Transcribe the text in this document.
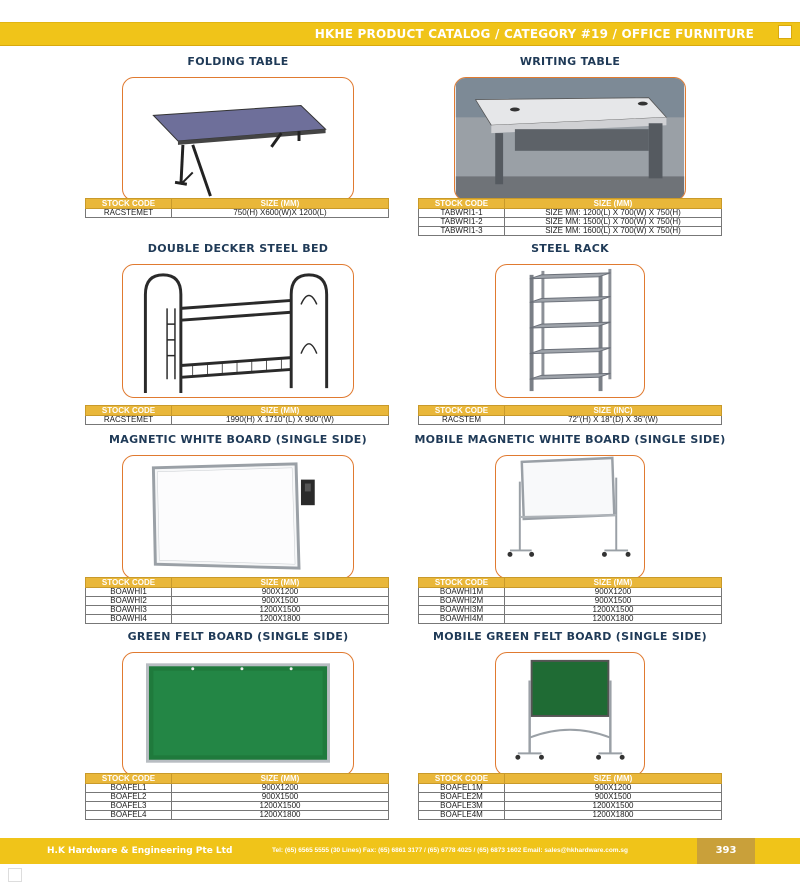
HKHE PRODUCT CATALOG / CATEGORY #19 / OFFICE FURNITURE
FOLDING TABLE
STOCK CODE	SIZE (MM)
RACSTEMET	750(H) X600(W)X 1200(L)
WRITING TABLE
STOCK CODE	SIZE (MM)
TABWRI1-1	SIZE MM: 1200(L) X 700(W) X 750(H)
TABWRI1-2	SIZE MM: 1500(L) X 700(W) X 750(H)
TABWRI1-3	SIZE MM: 1600(L) X 700(W) X 750(H)
DOUBLE DECKER STEEL BED
STOCK CODE	SIZE (MM)
RACSTEMET	1990(H) X 1710"(L) X 900"(W)
STEEL RACK
STOCK CODE	SIZE (INC)
RACSTEM	72"(H) X 18"(D) X 36"(W)
MAGNETIC WHITE BOARD (SINGLE SIDE)
STOCK CODE	SIZE (MM)
BOAWHI1	900X1200
BOAWHI2	900X1500
BOAWHI3	1200X1500
BOAWHI4	1200X1800
MOBILE MAGNETIC WHITE BOARD (SINGLE SIDE)
STOCK CODE	SIZE (MM)
BOAWHI1M	900X1200
BOAWHI2M	900X1500
BOAWHI3M	1200X1500
BOAWHI4M	1200X1800
GREEN FELT BOARD (SINGLE SIDE)
STOCK CODE	SIZE (MM)
BOAFEL1	900X1200
BOAFEL2	900X1500
BOAFEL3	1200X1500
BOAFEL4	1200X1800
MOBILE GREEN FELT BOARD (SINGLE SIDE)
STOCK CODE	SIZE (MM)
BOAFEL1M	900X1200
BOAFLE2M	900X1500
BOAFLE3M	1200X1500
BOAFLE4M	1200X1800
H.K Hardware & Engineering Pte Ltd	Tel: (65) 6565 5555 (30 Lines) Fax: (65) 6861 3177 / (65) 6778 4025 / (65) 6873 1602 Email: sales@hkhardware.com.sg	393
